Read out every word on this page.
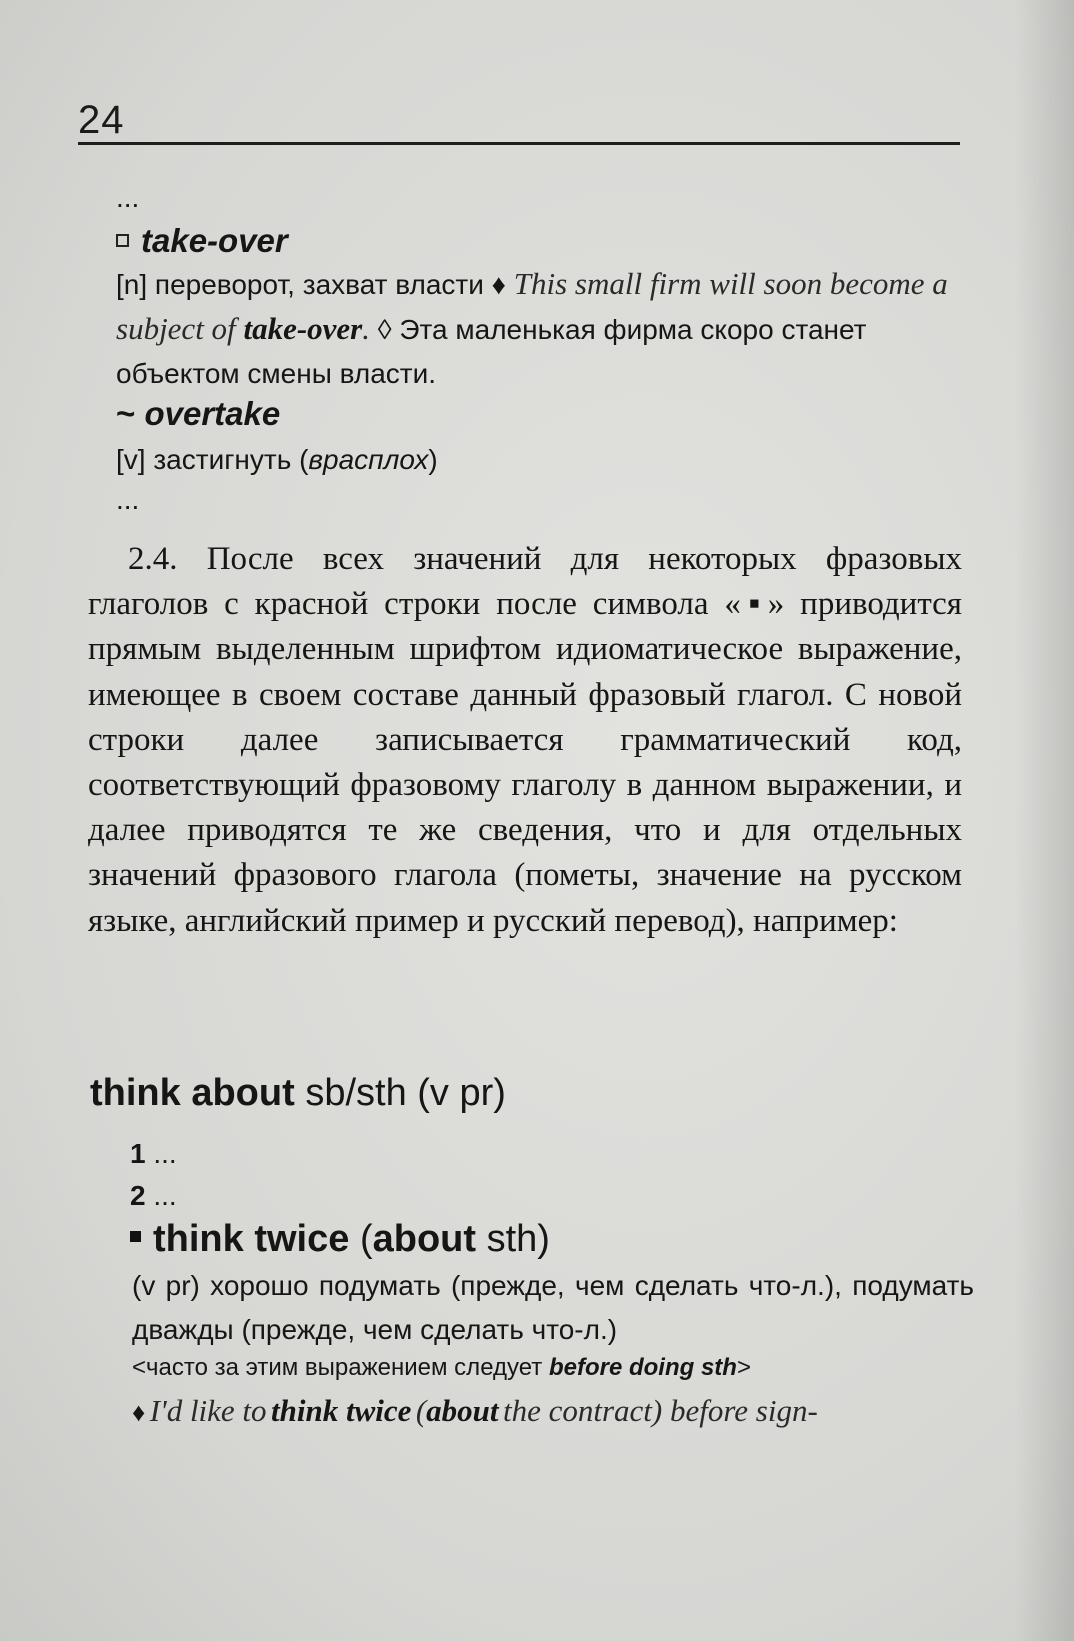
24
...
take-over
[n] переворот, захват власти ♦ This small firm will soon become a subject of take-over. ◊ Эта маленькая фирма скоро станет объектом смены власти.
~ overtake
[v] застигнуть (врасплох)
...
2.4. После всех значений для некоторых фразовых глаголов с красной строки после символа «▪» приводится прямым выделенным шрифтом идиоматическое выражение, имеющее в своем составе данный фразовый глагол. С новой строки далее записывается грамматический код, соответствующий фразовому глаголу в данном выражении, и далее приводятся те же сведения, что и для отдельных значений фразового глагола (пометы, значение на русском языке, английский пример и русский перевод), например:
think about sb/sth (v pr)
1 ...
2 ...
think twice (about sth)
(v pr) хорошо подумать (прежде, чем сделать что-л.), подумать дважды (прежде, чем сделать что-л.)
<часто за этим выражением следует before doing sth>
♦ I'd like to think twice (about the contract) before sign-
